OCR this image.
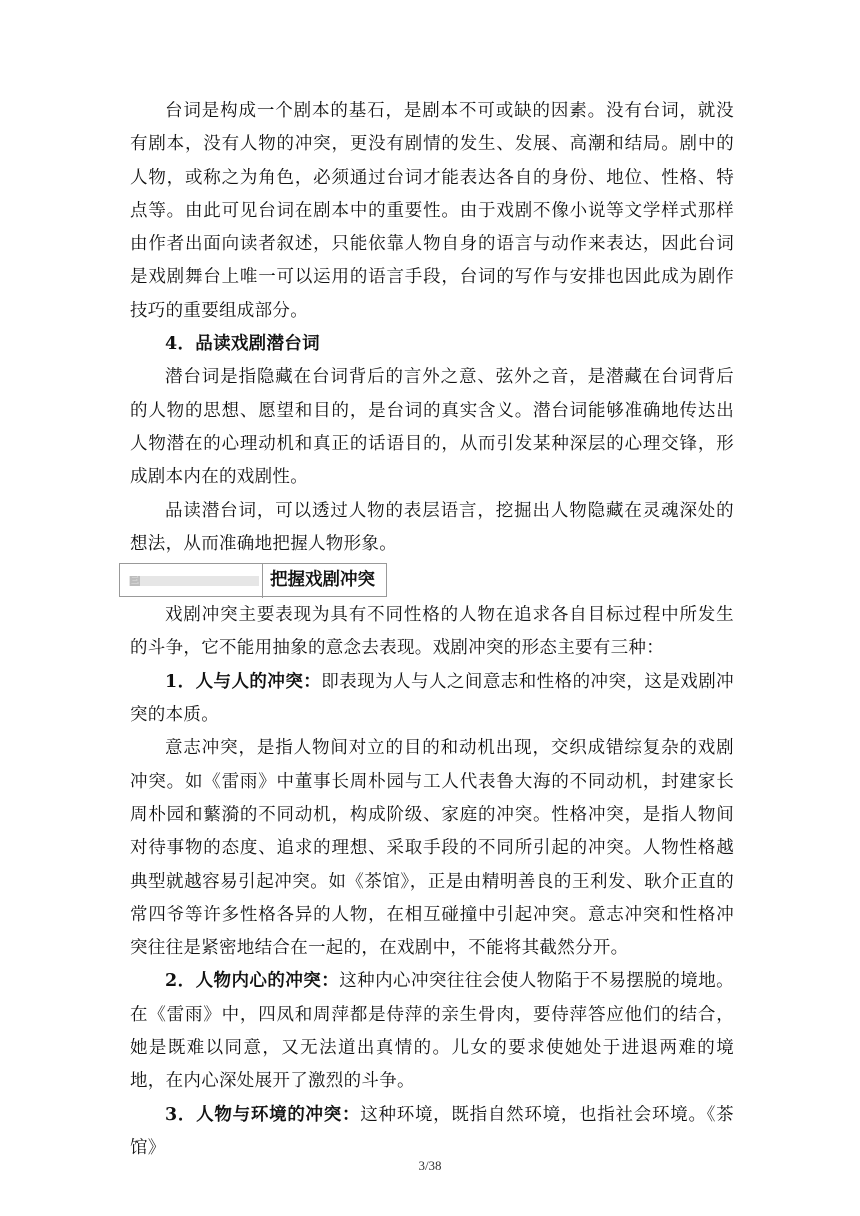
台词是构成一个剧本的基石，是剧本不可或缺的因素。没有台词，就没有剧本，没有人物的冲突，更没有剧情的发生、发展、高潮和结局。剧中的人物，或称之为角色，必须通过台词才能表达各自的身份、地位、性格、特点等。由此可见台词在剧本中的重要性。由于戏剧不像小说等文学样式那样由作者出面向读者叙述，只能依靠人物自身的语言与动作来表达，因此台词是戏剧舞台上唯一可以运用的语言手段，台词的写作与安排也因此成为剧作技巧的重要组成部分。

4．品读戏剧潜台词

潜台词是指隐藏在台词背后的言外之意、弦外之音，是潜藏在台词背后的人物的思想、愿望和目的，是台词的真实含义。潜台词能够准确地传达出人物潜在的心理动机和真正的话语目的，从而引发某种深层的心理交锋，形成剧本内在的戏剧性。

品读潜台词，可以透过人物的表层语言，挖掘出人物隐藏在灵魂深处的想法，从而准确地把握人物形象。

三	把握戏剧冲突

戏剧冲突主要表现为具有不同性格的人物在追求各自目标过程中所发生的斗争，它不能用抽象的意念去表现。戏剧冲突的形态主要有三种：

1．人与人的冲突：即表现为人与人之间意志和性格的冲突，这是戏剧冲突的本质。

意志冲突，是指人物间对立的目的和动机出现，交织成错综复杂的戏剧冲突。如《雷雨》中董事长周朴园与工人代表鲁大海的不同动机，封建家长周朴园和蘩漪的不同动机，构成阶级、家庭的冲突。性格冲突，是指人物间对待事物的态度、追求的理想、采取手段的不同所引起的冲突。人物性格越典型就越容易引起冲突。如《茶馆》，正是由精明善良的王利发、耿介正直的常四爷等许多性格各异的人物，在相互碰撞中引起冲突。意志冲突和性格冲突往往是紧密地结合在一起的，在戏剧中，不能将其截然分开。

2．人物内心的冲突：这种内心冲突往往会使人物陷于不易摆脱的境地。在《雷雨》中，四凤和周萍都是侍萍的亲生骨肉，要侍萍答应他们的结合，她是既难以同意，又无法道出真情的。儿女的要求使她处于进退两难的境地，在内心深处展开了激烈的斗争。

3．人物与环境的冲突：这种环境，既指自然环境，也指社会环境。《茶馆》

3/38
